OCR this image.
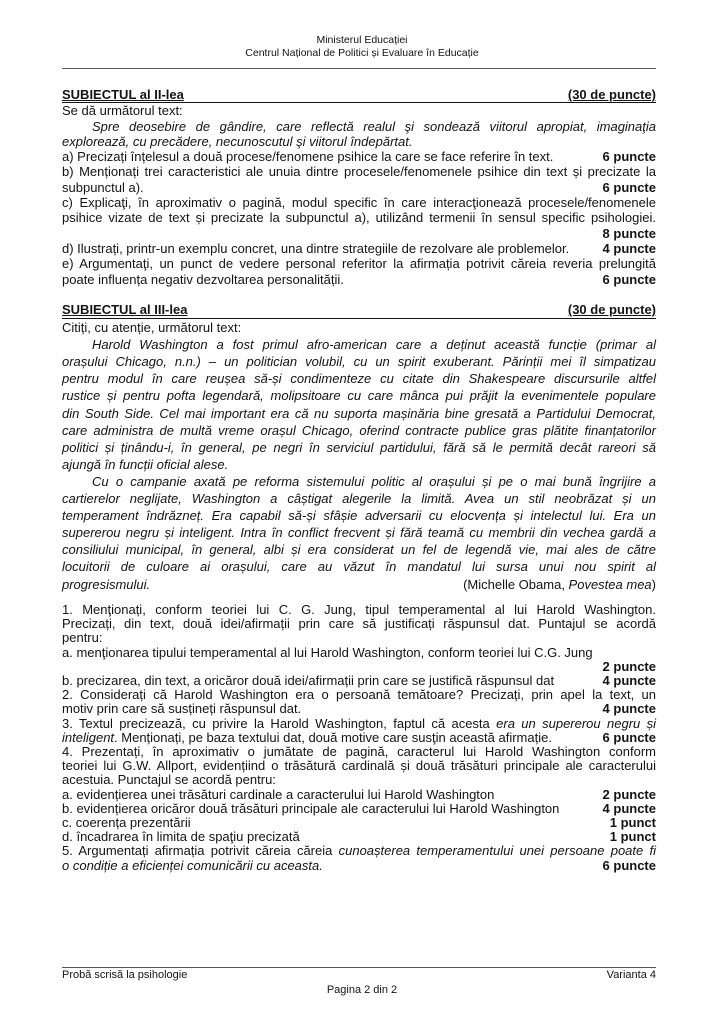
Ministerul Educației
Centrul Național de Politici și Evaluare în Educație
SUBIECTUL al II-lea	(30 de puncte)
Se dă următorul text:
Spre deosebire de gândire, care reflectă realul şi sondează viitorul apropiat, imaginaţia
explorează, cu precădere, necunoscutul şi viitorul îndepărtat.
a) Precizați înțelesul a două procese/fenomene psihice la care se face referire în text.	6 puncte
b) Menționați trei caracteristici ale unuia dintre procesele/fenomenele psihice din text și precizate la
subpunctul a).	6 puncte
c) Explicaţi, în aproximativ o pagină, modul specific în care interacţionează procesele/fenomenele
psihice vizate de text și precizate la subpunctul a), utilizând termenii în sensul specific psihologiei.
8 puncte
d) Ilustrați, printr-un exemplu concret, una dintre strategiile de rezolvare ale problemelor.	4 puncte
e) Argumentaţi, un punct de vedere personal referitor la afirmația potrivit căreia reveria prelungită
poate influența negativ dezvoltarea personalității.	6 puncte
SUBIECTUL al III-lea	(30 de puncte)
Citiți, cu atenție, următorul text:
Harold Washington a fost primul afro-american care a deținut această funcție (primar al
orașului Chicago, n.n.) – un politician volubil, cu un spirit exuberant. Părinții mei îl simpatizau
pentru modul în care reușea să-și condimenteze cu citate din Shakespeare discursurile altfel
rustice și pentru pofta legendară, molipsitoare cu care mânca pui prăjit la evenimentele populare
din South Side. Cel mai important era că nu suporta mașinăria bine gresată a Partidului Democrat,
care administra de multă vreme orașul Chicago, oferind contracte publice gras plătite finanțatorilor
politici și ținându-i, în general, pe negri în serviciul partidului, fără să le permită decât rareori să
ajungă în funcții oficial alese.
Cu o campanie axată pe reforma sistemului politic al orașului și pe o mai bună îngrijire a
cartierelor neglijate, Washington a câștigat alegerile la limită. Avea un stil neobrăzat și un
temperament îndrăzneț. Era capabil să-și sfâșie adversarii cu elocvența și intelectul lui. Era un
supererou negru și inteligent. Intra în conflict frecvent și fără teamă cu membrii din vechea gardă a
consiliului municipal, în general, albi și era considerat un fel de legendă vie, mai ales de către
locuitorii de culoare ai orașului, care au văzut în mandatul lui sursa unui nou spirit al
progresismului.	(Michelle Obama, Povestea mea)
1. Menţionați, conform teoriei lui C. G. Jung, tipul temperamental al lui Harold Washington.
Precizați, din text, două idei/afirmații prin care să justificați răspunsul dat. Puntajul se acordă
pentru:
a. menţionarea tipului temperamental al lui Harold Washington, conform teoriei lui C.G. Jung
2 puncte
b. precizarea, din text, a oricăror două idei/afirmații prin care se justifică răspunsul dat	4 puncte
2. Considerați că Harold Washington era o persoană temătoare? Precizați, prin apel la text, un
motiv prin care să susțineți răspunsul dat.	4 puncte
3. Textul precizează, cu privire la Harold Washington, faptul că acesta era un supererou negru și
inteligent. Menționați, pe baza textului dat, două motive care susţin această afirmație.	6 puncte
4. Prezentați, în aproximativ o jumătate de pagină, caracterul lui Harold Washington conform
teoriei lui G.W. Allport, evidențiind o trăsătură cardinală și două trăsături principale ale caracterului
acestuia. Punctajul se acordă pentru:
a. evidențierea unei trăsături cardinale a caracterului lui Harold Washington	2 puncte
b. evidențierea oricăror două trăsături principale ale caracterului lui Harold Washington	4 puncte
c. coerența prezentării	1 punct
d. încadrarea în limita de spaţiu precizată	1 punct
5. Argumentați afirmația potrivit căreia căreia cunoașterea temperamentului unei persoane poate fi
o condiție a eficienței comunicării cu aceasta.	6 puncte
Probă scrisă la psihologie	Varianta 4
Pagina 2 din 2
